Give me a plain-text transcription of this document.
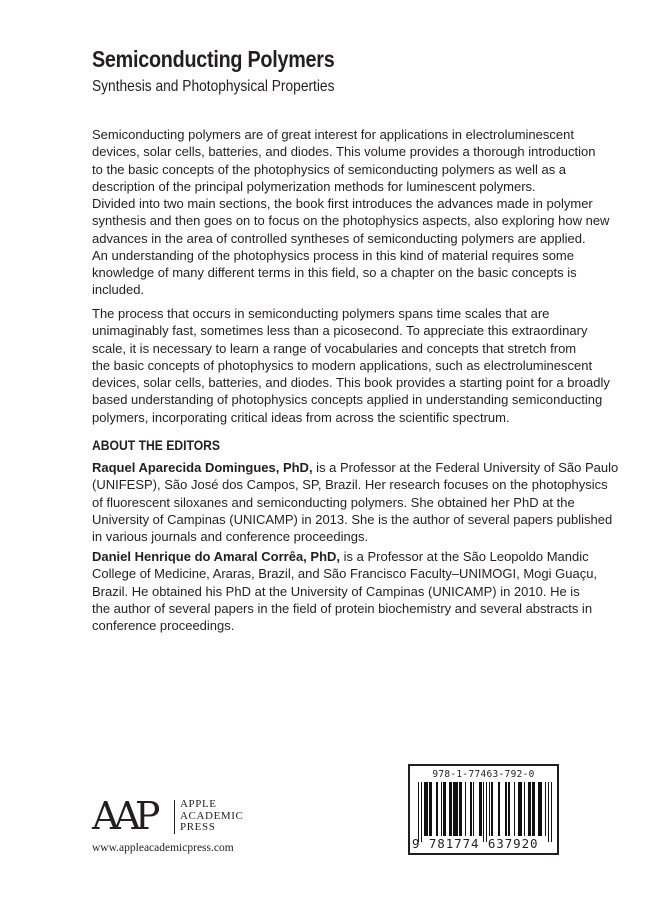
Semiconducting Polymers
Synthesis and Photophysical Properties
Semiconducting polymers are of great interest for applications in electroluminescent
devices, solar cells, batteries, and diodes. This volume provides a thorough introduction
to the basic concepts of the photophysics of semiconducting polymers as well as a
description of the principal polymerization methods for luminescent polymers.
Divided into two main sections, the book first introduces the advances made in polymer
synthesis and then goes on to focus on the photophysics aspects, also exploring how new
advances in the area of controlled syntheses of semiconducting polymers are applied.
An understanding of the photophysics process in this kind of material requires some
knowledge of many different terms in this field, so a chapter on the basic concepts is
included.
The process that occurs in semiconducting polymers spans time scales that are
unimaginably fast, sometimes less than a picosecond. To appreciate this extraordinary
scale, it is necessary to learn a range of vocabularies and concepts that stretch from
the basic concepts of photophysics to modern applications, such as electroluminescent
devices, solar cells, batteries, and diodes. This book provides a starting point for a broadly
based understanding of photophysics concepts applied in understanding semiconducting
polymers, incorporating critical ideas from across the scientific spectrum.
ABOUT THE EDITORS
Raquel Aparecida Domingues, PhD, is a Professor at the Federal University of São Paulo
(UNIFESP), São José dos Campos, SP, Brazil. Her research focuses on the photophysics
of fluorescent siloxanes and semiconducting polymers. She obtained her PhD at the
University of Campinas (UNICAMP) in 2013. She is the author of several papers published
in various journals and conference proceedings.
Daniel Henrique do Amaral Corrêa, PhD, is a Professor at the São Leopoldo Mandic
College of Medicine, Araras, Brazil, and São Francisco Faculty–UNIMOGI, Mogi Guaçu,
Brazil. He obtained his PhD at the University of Campinas (UNICAMP) in 2010. He is
the author of several papers in the field of protein biochemistry and several abstracts in
conference proceedings.
AAP APPLE
ACADEMIC
PRESS
www.appleacademicpress.com
978-1-77463-792-0
9 781774 637920
